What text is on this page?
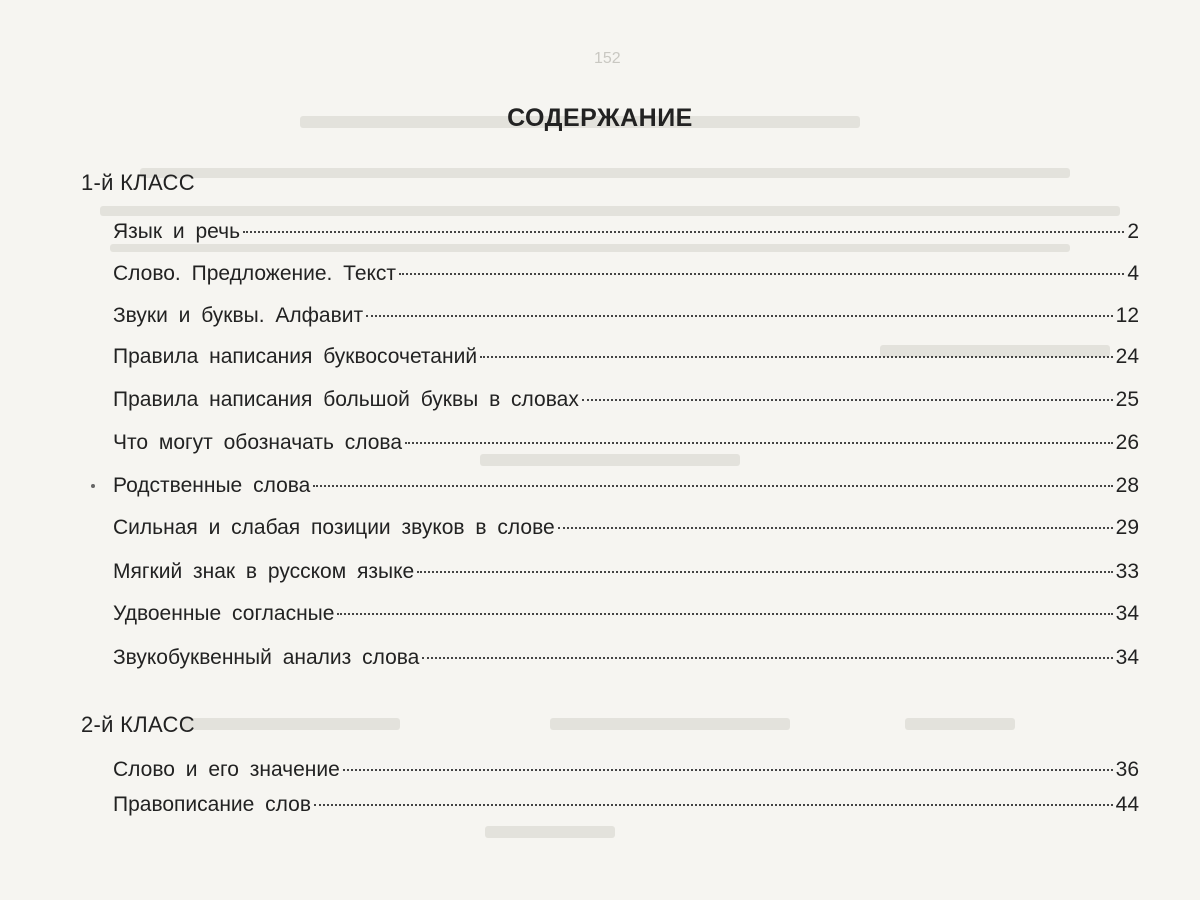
152
СОДЕРЖАНИЕ
1-й КЛАСС
Язык и речь	2
Слово. Предложение. Текст	4
Звуки и буквы. Алфавит	12
Правила написания буквосочетаний	24
Правила написания большой буквы в словах	25
Что могут обозначать слова	26
Родственные слова	28
Сильная и слабая позиции звуков в слове	29
Мягкий знак в русском языке	33
Удвоенные согласные	34
Звукобуквенный анализ слова	34
2-й КЛАСС
Слово и его значение	36
Правописание слов	44
